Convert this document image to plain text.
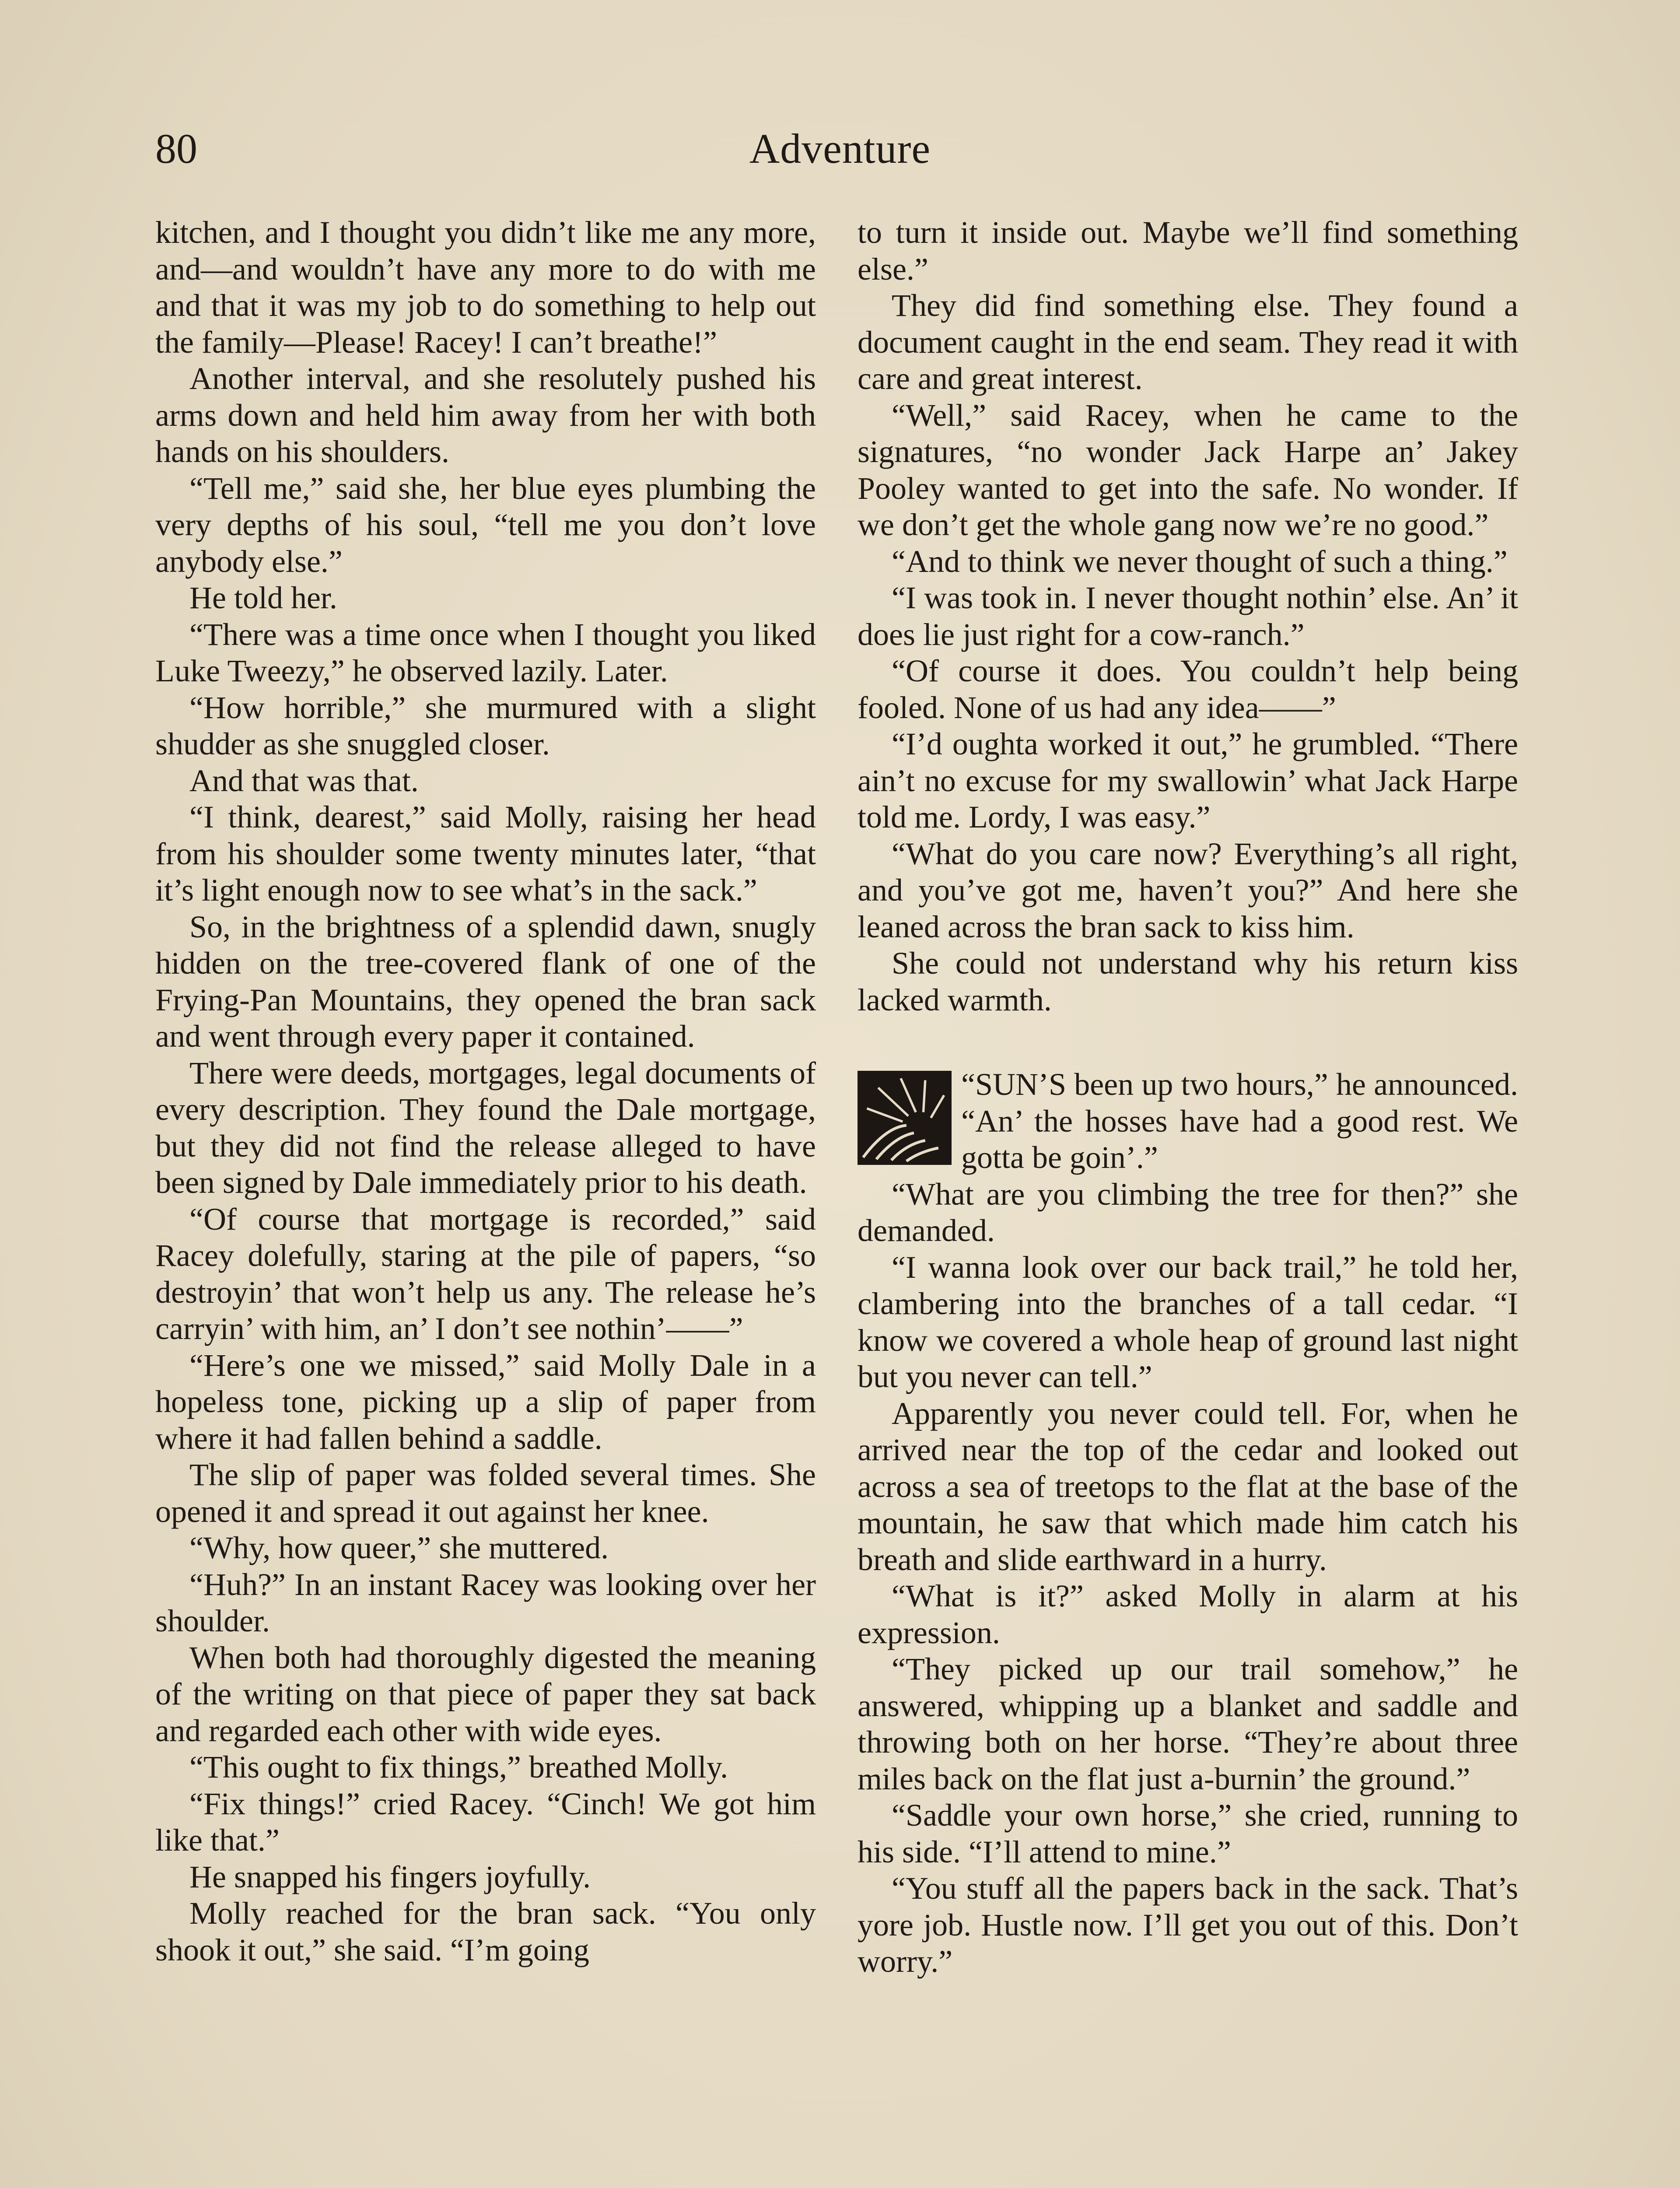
80	Adventure

kitchen, and I thought you didn’t like me any more, and—and wouldn’t have any more to do with me and that it was my job to do something to help out the family—Please! Racey! I can’t breathe!”

Another interval, and she resolutely pushed his arms down and held him away from her with both hands on his shoulders.

“Tell me,” said she, her blue eyes plumbing the very depths of his soul, “tell me you don’t love anybody else.”

He told her.

“There was a time once when I thought you liked Luke Tweezy,” he observed lazily. Later.

“How horrible,” she murmured with a slight shudder as she snuggled closer.

And that was that.

“I think, dearest,” said Molly, raising her head from his shoulder some twenty minutes later, “that it’s light enough now to see what’s in the sack.”

So, in the brightness of a splendid dawn, snugly hidden on the tree-covered flank of one of the Frying-Pan Mountains, they opened the bran sack and went through every paper it contained.

There were deeds, mortgages, legal documents of every description. They found the Dale mortgage, but they did not find the release alleged to have been signed by Dale immediately prior to his death.

“Of course that mortgage is recorded,” said Racey dolefully, staring at the pile of papers, “so destroyin’ that won’t help us any. The release he’s carryin’ with him, an’ I don’t see nothin’——”

“Here’s one we missed,” said Molly Dale in a hopeless tone, picking up a slip of paper from where it had fallen behind a saddle.

The slip of paper was folded several times. She opened it and spread it out against her knee.

“Why, how queer,” she muttered.

“Huh?” In an instant Racey was looking over her shoulder.

When both had thoroughly digested the meaning of the writing on that piece of paper they sat back and regarded each other with wide eyes.

“This ought to fix things,” breathed Molly.

“Fix things!” cried Racey. “Cinch! We got him like that.”

He snapped his fingers joyfully.

Molly reached for the bran sack. “You only shook it out,” she said. “I’m going

to turn it inside out. Maybe we’ll find something else.”

They did find something else. They found a document caught in the end seam. They read it with care and great interest.

“Well,” said Racey, when he came to the signatures, “no wonder Jack Harpe an’ Jakey Pooley wanted to get into the safe. No wonder. If we don’t get the whole gang now we’re no good.”

“And to think we never thought of such a thing.”

“I was took in. I never thought nothin’ else. An’ it does lie just right for a cow-ranch.”

“Of course it does. You couldn’t help being fooled. None of us had any idea——”

“I’d oughta worked it out,” he grumbled. “There ain’t no excuse for my swallowin’ what Jack Harpe told me. Lordy, I was easy.”

“What do you care now? Everything’s all right, and you’ve got me, haven’t you?” And here she leaned across the bran sack to kiss him.

She could not understand why his return kiss lacked warmth.

“SUN’S been up two hours,” he announced. “An’ the hosses have had a good rest. We gotta be goin’.”

“What are you climbing the tree for then?” she demanded.

“I wanna look over our back trail,” he told her, clambering into the branches of a tall cedar. “I know we covered a whole heap of ground last night but you never can tell.”

Apparently you never could tell. For, when he arrived near the top of the cedar and looked out across a sea of treetops to the flat at the base of the mountain, he saw that which made him catch his breath and slide earthward in a hurry.

“What is it?” asked Molly in alarm at his expression.

“They picked up our trail somehow,” he answered, whipping up a blanket and saddle and throwing both on her horse. “They’re about three miles back on the flat just a-burnin’ the ground.”

“Saddle your own horse,” she cried, running to his side. “I’ll attend to mine.”

“You stuff all the papers back in the sack. That’s yore job. Hustle now. I’ll get you out of this. Don’t worry.”
